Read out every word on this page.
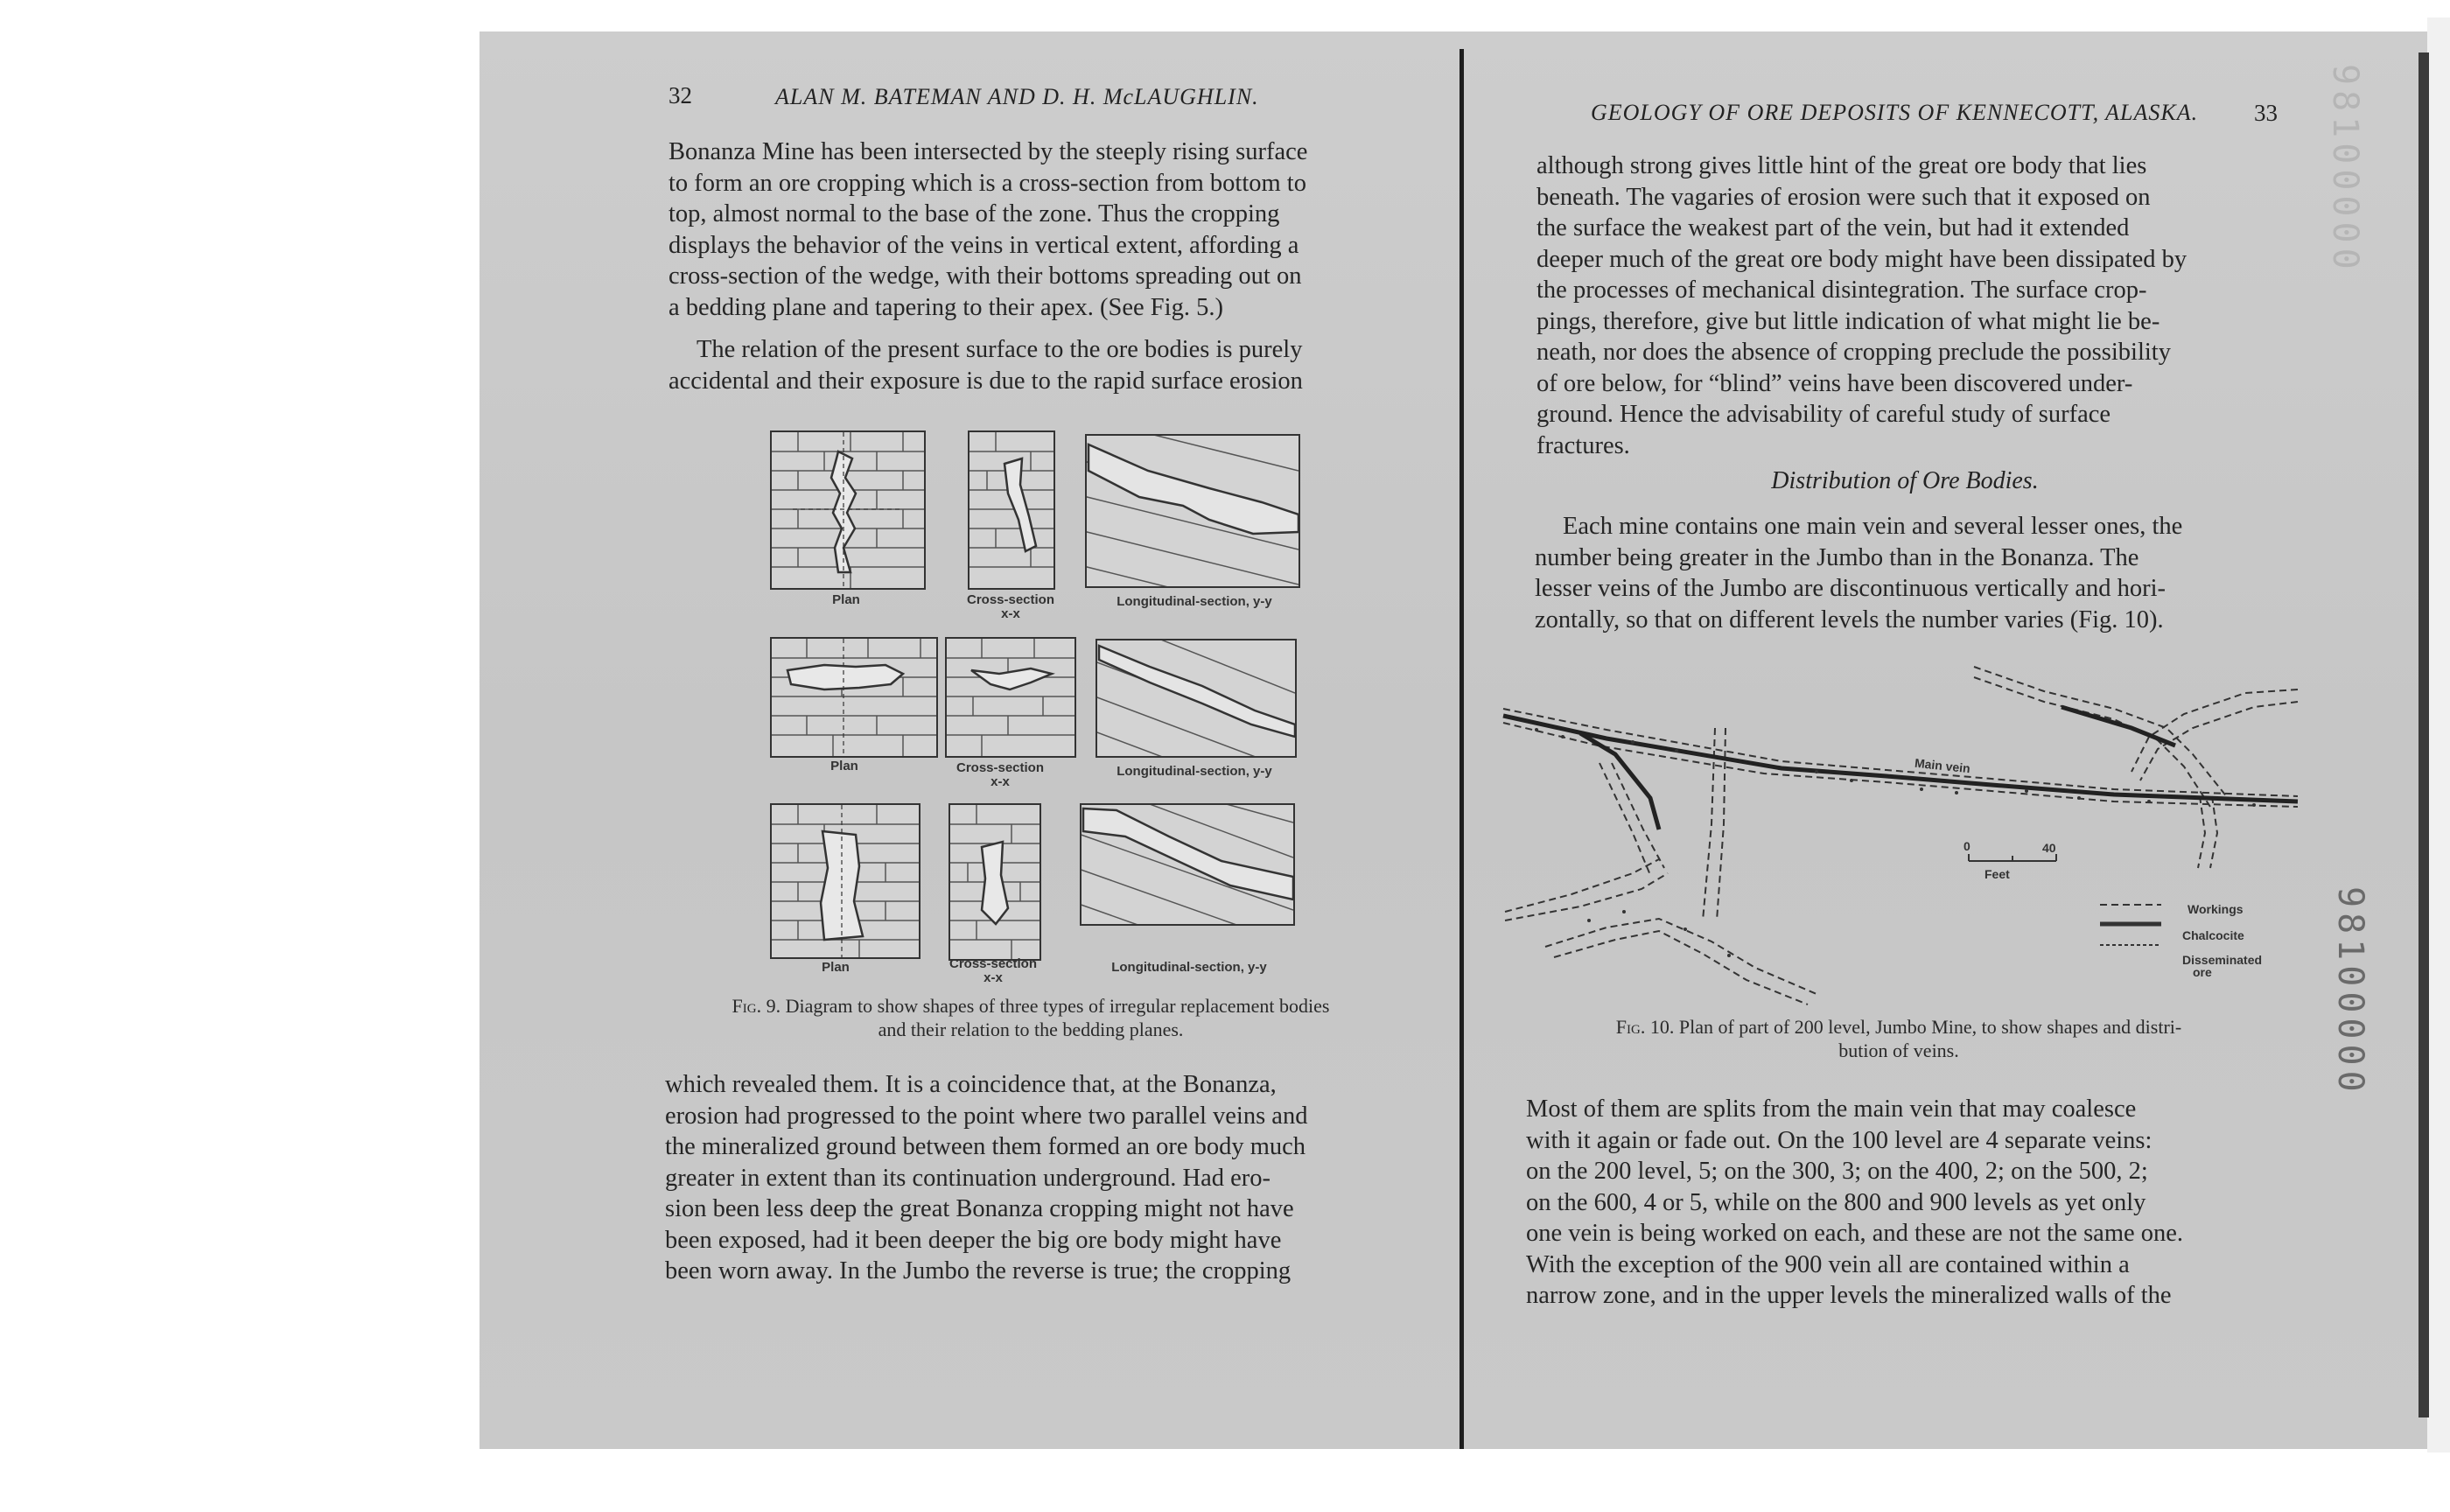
32	ALAN M. BATEMAN AND D. H. McLAUGHLIN.

Bonanza Mine has been intersected by the steeply rising surface

to form an ore cropping which is a cross-section from bottom to

top, almost normal to the base of the zone. Thus the cropping

displays the behavior of the veins in vertical extent, affording a

cross-section of the wedge, with their bottoms spreading out on

a bedding plane and tapering to their apex. (See Fig. 5.)

The relation of the present surface to the ore bodies is purely

accidental and their exposure is due to the rapid surface erosion

Plan	Cross-section
x-x
Longitudinal-section, y-y
Plan	Cross-section
x-x
Longitudinal-section, y-y
Plan	Cross-section
x-x
Longitudinal-section, y-y
Fig. 9. Diagram to show shapes of three types of irregular replacement bodies
and their relation to the bedding planes.

which revealed them. It is a coincidence that, at the Bonanza,

erosion had progressed to the point where two parallel veins and

the mineralized ground between them formed an ore body much

greater in extent than its continuation underground. Had ero-

sion been less deep the great Bonanza cropping might not have

been exposed, had it been deeper the big ore body might have

been worn away. In the Jumbo the reverse is true; the cropping

GEOLOGY OF ORE DEPOSITS OF KENNECOTT, ALASKA. 33

although strong gives little hint of the great ore body that lies

beneath. The vagaries of erosion were such that it exposed on

the surface the weakest part of the vein, but had it extended

deeper much of the great ore body might have been dissipated by

the processes of mechanical disintegration. The surface crop-

pings, therefore, give but little indication of what might lie be-

neath, nor does the absence of cropping preclude the possibility

of ore below, for “blind” veins have been discovered under-

ground. Hence the advisability of careful study of surface

fractures.

Distribution of Ore Bodies.

Each mine contains one main vein and several lesser ones, the

number being greater in the Jumbo than in the Bonanza. The

lesser veins of the Jumbo are discontinuous vertically and hori-

zontally, so that on different levels the number varies (Fig. 10).

Main vein
0	40
Feet
Workings
Chalcocite
Disseminated
ore
Fig. 10. Plan of part of 200 level, Jumbo Mine, to show shapes and distri-
bution of veins.

Most of them are splits from the main vein that may coalesce

with it again or fade out. On the 100 level are 4 separate veins:

on the 200 level, 5; on the 300, 3; on the 400, 2; on the 500, 2;

on the 600, 4 or 5, while on the 800 and 900 levels as yet only

one vein is being worked on each, and these are not the same one.

With the exception of the 900 vein all are contained within a

narrow zone, and in the upper levels the mineralized walls of the

98100000
98100000
